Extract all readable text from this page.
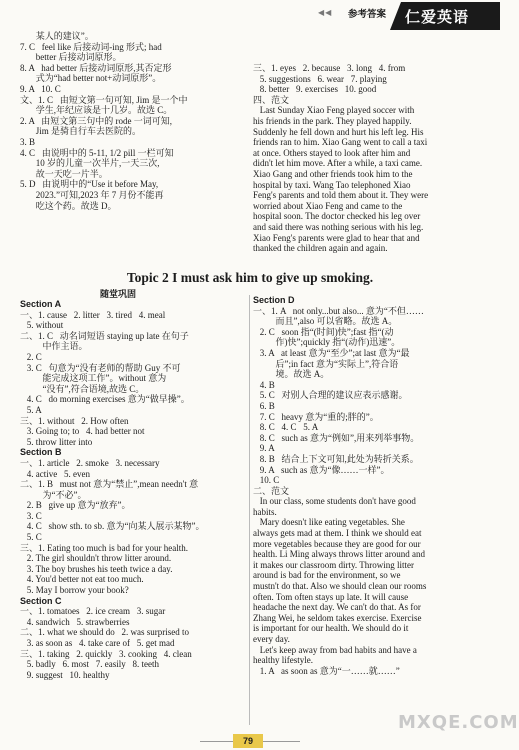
◀◀ 参考答案 仁爱英语

某人的建议”。

7. C   feel like 后接动词-ing 形式; had

better 后接动词原形。

8. A   had better 后接动词原形,其否定形

式为“had better not+动词原形”。

9. A   10. C

文、1. C   由短文第一句可知, Jim 是一个中

学生,年纪应该是十几岁。故选 C。

2. A   由短文第三句中的 rode 一词可知,

Jim 是骑自行车去医院的。

3. B

4. C   由说明中的 5-11, 1/2 pill 一栏可知

10 岁的儿童一次半片,一天三次,

故一天吃一片半。

5. D   由说明中的“Use it before May,

2023.”可知,2023 年 7 月份不能再

吃这个药。故选 D。

三、1. eyes   2. because   3. long   4. from

5. suggestions   6. wear   7. playing

8. better   9. exercises   10. good

四、范文

Last Sunday Xiao Feng played soccer with

his friends in the park. They played happily.

Suddenly he fell down and hurt his left leg. His

friends ran to him. Xiao Gang went to call a taxi

at once. Others stayed to look after him and

didn't let him move. After a while, a taxi came.

Xiao Gang and other friends took him to the

hospital by taxi. Wang Tao telephoned Xiao

Feng's parents and told them about it. They were

worried about Xiao Feng and came to the

hospital soon. The doctor checked his leg over

and said there was nothing serious with his leg.

Xiao Feng's parents were glad to hear that and

thanked the children again and again.

Topic 2 I must ask him to give up smoking.
随堂巩固

Section A

一、1. cause   2. litter   3. tired   4. meal

5. without

二、1. C   动名词短语 staying up late 在句子

中作主语。

2. C

3. C   句意为“没有老师的帮助 Guy 不可

能完成这项工作”。without 意为

“没有”,符合语境,故选 C。

4. C   do morning exercises 意为“做早操”。

5. A

三、1. without   2. How often

3. Going to; to   4. had better not

5. throw litter into

Section B

一、1. article   2. smoke   3. necessary

4. active   5. even

二、1. B   must not 意为“禁止”,mean needn't 意

为“不必”。

2. B   give up 意为“放弃”。

3. C

4. C   show sth. to sb. 意为“向某人展示某物”。

5. C

三、1. Eating too much is bad for your health.

2. The girl shouldn't throw litter around.

3. The boy brushes his teeth twice a day.

4. You'd better not eat too much.

5. May I borrow your book?

Section C

一、1. tomatoes   2. ice cream   3. sugar

4. sandwich   5. strawberries

二、1. what we should do   2. was surprised to

3. as soon as   4. take care of   5. get mad

三、1. taking   2. quickly   3. cooking   4. clean

5. badly   6. most   7. easily   8. teeth

9. suggest   10. healthy

Section D

一、1. A   not only...but also... 意为“不但……

而且”,also 可以省略。故选 A。

2. C   soon 指“(时间)快”;fast 指“(动

作)快”;quickly 指“(动作)迅速”。

3. A   at least 意为“至少”;at last 意为“最

后”;in fact 意为“实际上”,符合语

境。故选 A。

4. B

5. C   对别人合理的建议应表示感谢。

6. B

7. C   heavy 意为“重的;胖的”。

8. C   4. C   5. A

8. C   such as 意为“例如”,用来列举事物。

9. A

8. B   结合上下文可知,此处为转折关系。

9. A   such as 意为“像……一样”。

10. C

二、范文

In our class, some students don't have good

habits.

Mary doesn't like eating vegetables. She

always gets mad at them. I think we should eat

more vegetables because they are good for our

health. Li Ming always throws litter around and

it makes our classroom dirty. Throwing litter

around is bad for the environment, so we

mustn't do that. Also we should clean our rooms

often. Tom often stays up late. It will cause

headache the next day. We can't do that. As for

Zhang Wei, he seldom takes exercise. Exercise

is important for our health. We should do it

every day.

Let's keep away from bad habits and have a

healthy lifestyle.

1. A   as soon as 意为“一……就……”

79
MXQE.COM
